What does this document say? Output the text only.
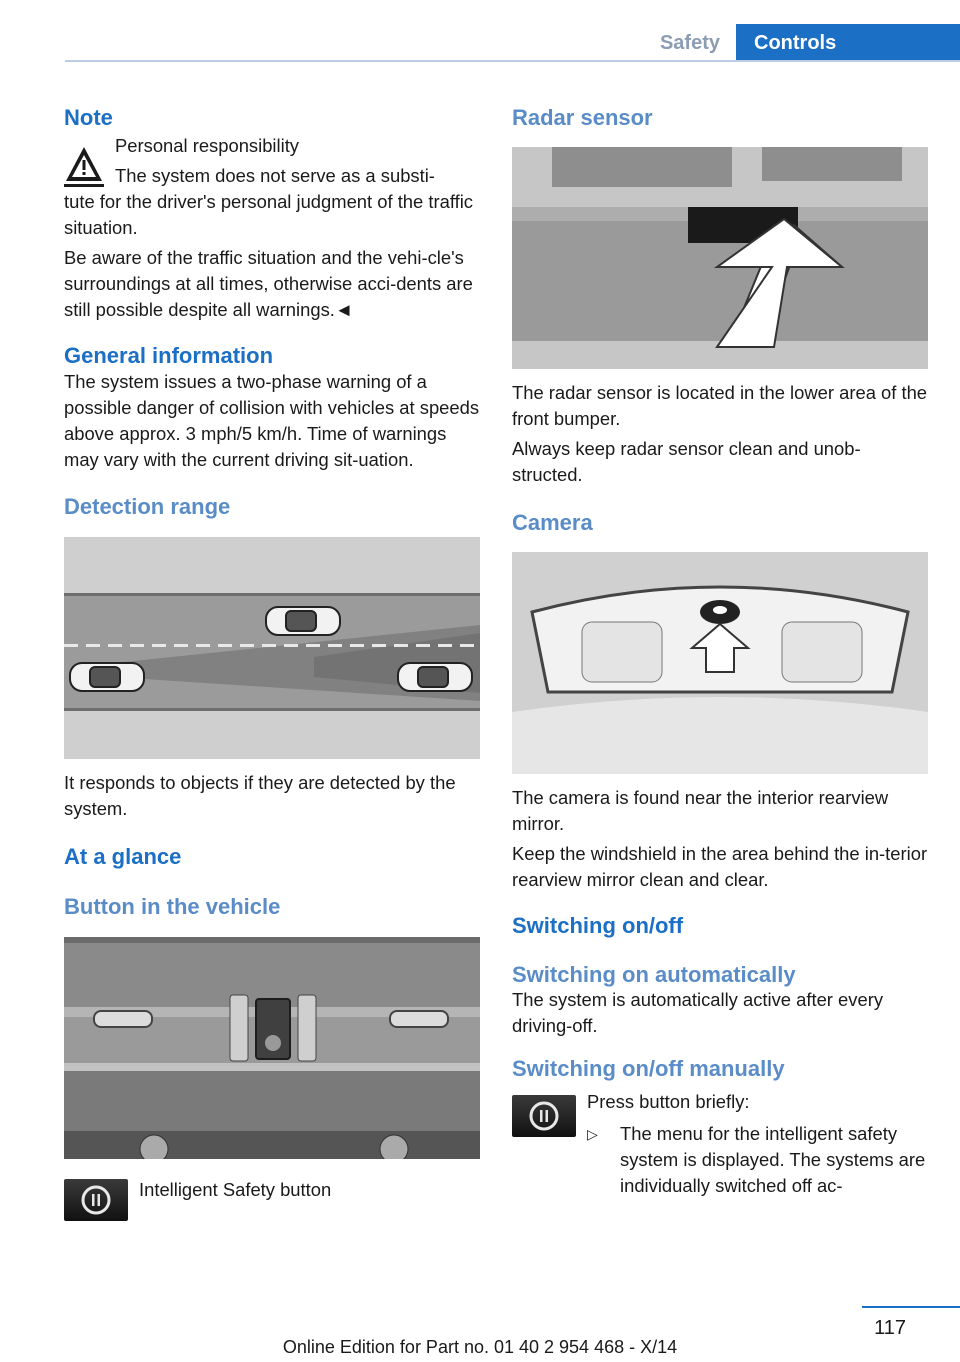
Safety	Controls
Note

Personal responsibility

The system does not serve as a substi-

tute for the driver's personal judgment of the traffic situation.

Be aware of the traffic situation and the vehi-cle's surroundings at all times, otherwise acci-dents are still possible despite all warnings.◄

General information

The system issues a two-phase warning of a possible danger of collision with vehicles at speeds above approx. 3 mph/5 km/h. Time of warnings may vary with the current driving sit-uation.

Detection range

It responds to objects if they are detected by the system.

At a glance
Button in the vehicle

Intelligent Safety button

Radar sensor

The radar sensor is located in the lower area of the front bumper.

Always keep radar sensor clean and unob-structed.

Camera

The camera is found near the interior rearview mirror.

Keep the windshield in the area behind the in-terior rearview mirror clean and clear.

Switching on/off
Switching on automatically

The system is automatically active after every driving-off.

Switching on/off manually

Press button briefly:

▷	The menu for the intelligent safety system is displayed. The systems are individually switched off ac-

117
Online Edition for Part no. 01 40 2 954 468 - X/14
